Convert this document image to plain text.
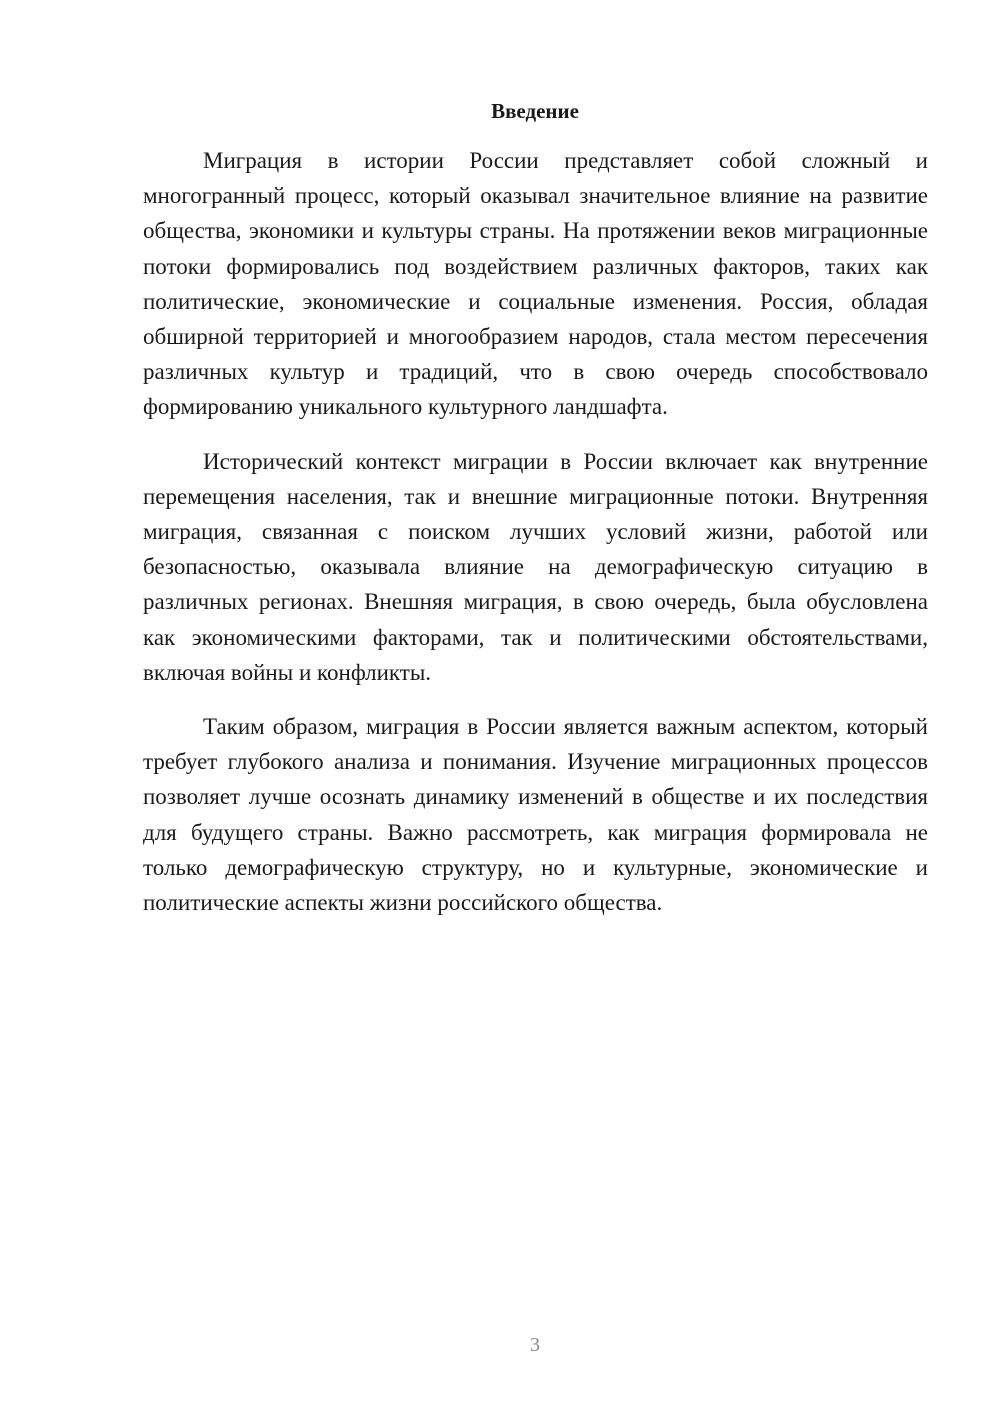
Введение

Миграция в истории России представляет собой сложный и многогранный процесс, который оказывал значительное влияние на развитие общества, экономики и культуры страны. На протяжении веков миграционные потоки формировались под воздействием различных факторов, таких как политические, экономические и социальные изменения. Россия, обладая обширной территорией и многообразием народов, стала местом пересечения различных культур и традиций, что в свою очередь способствовало формированию уникального культурного ландшафта.

Исторический контекст миграции в России включает как внутренние перемещения населения, так и внешние миграционные потоки. Внутренняя миграция, связанная с поиском лучших условий жизни, работой или безопасностью, оказывала влияние на демографическую ситуацию в различных регионах. Внешняя миграция, в свою очередь, была обусловлена как экономическими факторами, так и политическими обстоятельствами, включая войны и конфликты.

Таким образом, миграция в России является важным аспектом, который требует глубокого анализа и понимания. Изучение миграционных процессов позволяет лучше осознать динамику изменений в обществе и их последствия для будущего страны. Важно рассмотреть, как миграция формировала не только демографическую структуру, но и культурные, экономические и политические аспекты жизни российского общества.

3
